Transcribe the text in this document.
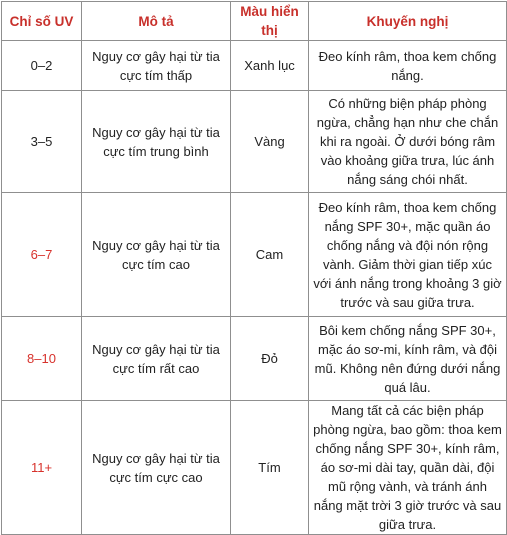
Chỉ số UV	Mô tả	Màu hiển thị	Khuyến nghị
0–2	Nguy cơ gây hại từ tia cực tím thấp	Xanh lục	Đeo kính râm, thoa kem chống nắng.
3–5	Nguy cơ gây hại từ tia cực tím trung bình	Vàng	Có những biện pháp phòng ngừa, chẳng hạn như che chắn khi ra ngoài. Ở dưới bóng râm vào khoảng giữa trưa, lúc ánh nắng sáng chói nhất.
6–7	Nguy cơ gây hại từ tia cực tím cao	Cam	Đeo kính râm, thoa kem chống nắng SPF 30+, mặc quần áo chống nắng và đội nón rộng vành. Giảm thời gian tiếp xúc với ánh nắng trong khoảng 3 giờ trước và sau giữa trưa.
8–10	Nguy cơ gây hại từ tia cực tím rất cao	Đỏ	Bôi kem chống nắng SPF 30+, mặc áo sơ-mi, kính râm, và đội mũ. Không nên đứng dưới nắng quá lâu.
11+	Nguy cơ gây hại từ tia cực tím cực cao	Tím	Mang tất cả các biện pháp phòng ngừa, bao gồm: thoa kem chống nắng SPF 30+, kính râm, áo sơ-mi dài tay, quần dài, đội mũ rộng vành, và tránh ánh nắng mặt trời 3 giờ trước và sau giữa trưa.
